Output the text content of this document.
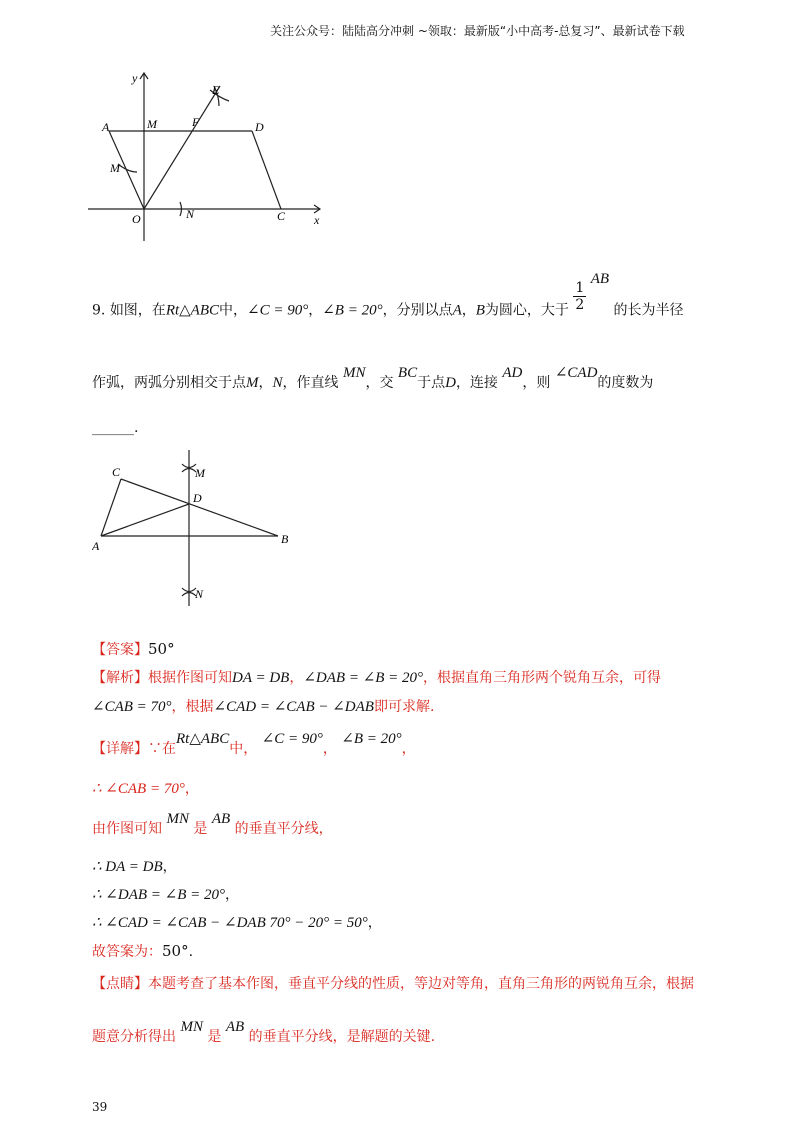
关注公众号：陆陆高分冲刺 ~领取：最新版“小中高考-总复习”、最新试卷下载
y
x
A	M	F	D
E
M
O	N	C
9. 如图，在Rt△ABC中，∠C = 90°，∠B = 20°，分别以点A，B为圆心，大于 $\frac{1}{2}$
AB 的长为半径
作弧，两弧分别相交于点M，N，作直线 MN，交 BC于点D，连接 AD，则 ∠CAD的度数为
______.
C	M
D
A	B
N
【答案】50°
【解析】根据作图可知DA = DB，∠DAB = ∠B = 20°，根据直角三角形两个锐角互余，可得
∠CAB = 70°，根据∠CAD = ∠CAB − ∠DAB即可求解.
【详解】∵在Rt△ABC中， ∠C = 90°， ∠B = 20°，
∴ ∠CAB = 70°，
由作图可知 MN 是 AB 的垂直平分线，
∴ DA = DB，
∴ ∠DAB = ∠B = 20°，
∴ ∠CAD = ∠CAB − ∠DAB 70° − 20° = 50°，
故答案为：50°.
【点睛】本题考查了基本作图，垂直平分线的性质，等边对等角，直角三角形的两锐角互余，根据
题意分析得出 MN 是 AB 的垂直平分线，是解题的关键.
39
